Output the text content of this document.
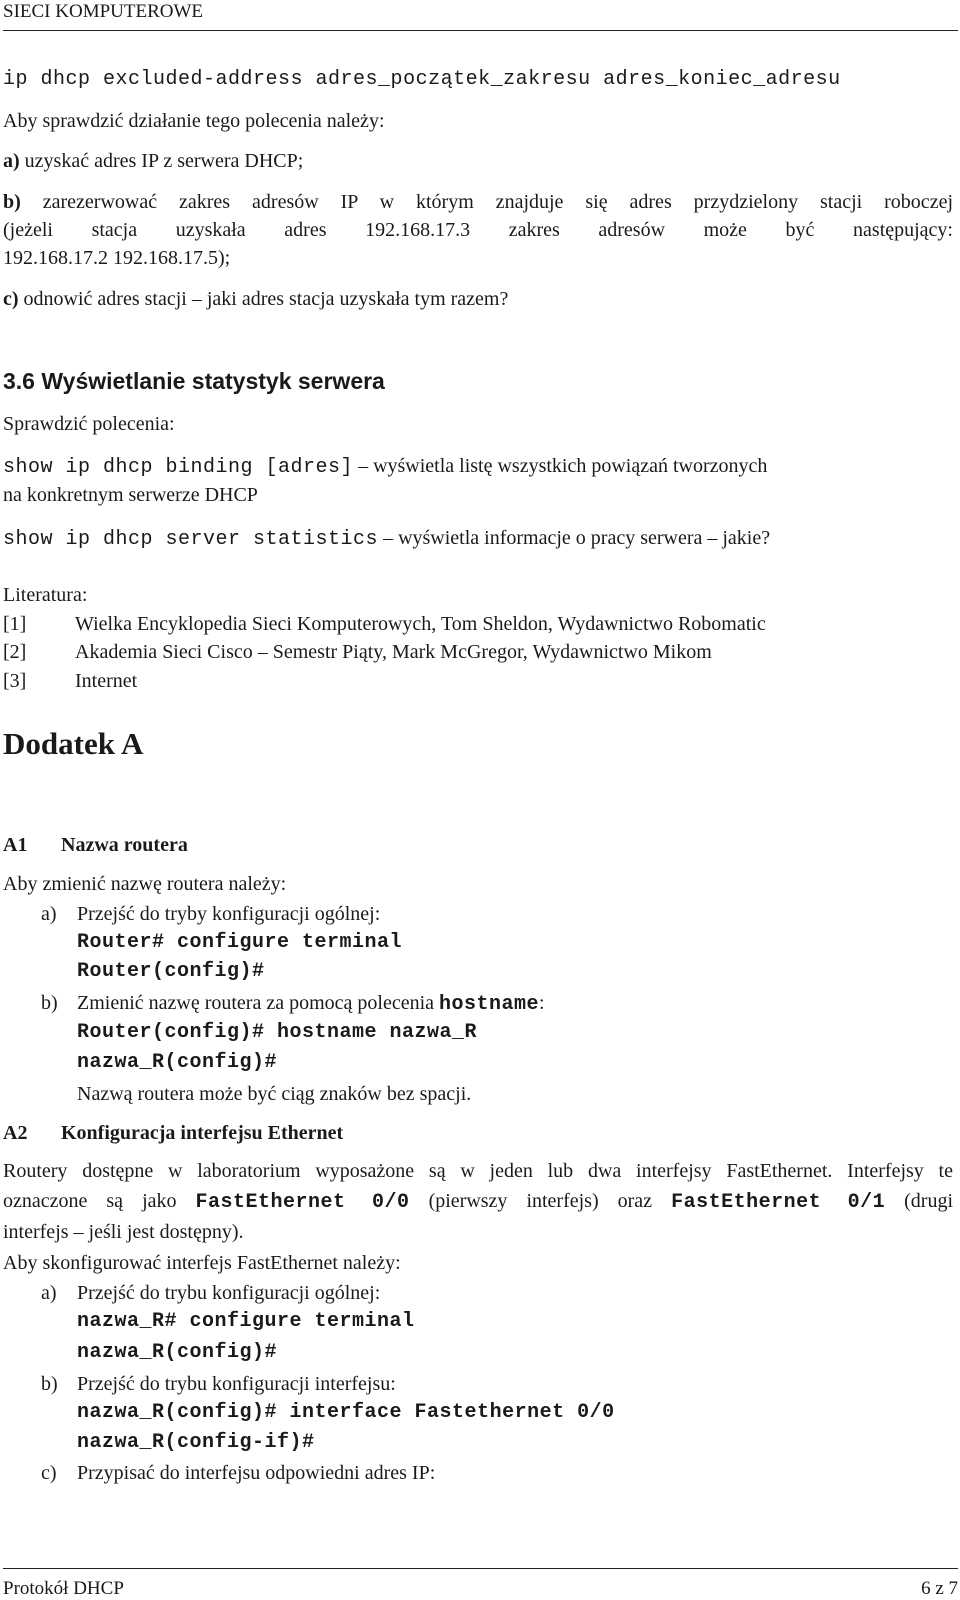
SIECI KOMPUTEROWE
ip dhcp excluded-address adres_początek_zakresu adres_koniec_adresu
Aby sprawdzić działanie tego polecenia należy:
a) uzyskać adres IP z serwera DHCP;
b) zarezerwować zakres adresów IP w którym znajduje się adres przydzielony stacji roboczej
(jeżeli stacja uzyskała adres 192.168.17.3 zakres adresów może być następujący:
192.168.17.2 192.168.17.5);
c) odnowić adres stacji – jaki adres stacja uzyskała tym razem?
3.6 Wyświetlanie statystyk serwera
Sprawdzić polecenia:
show ip dhcp binding [adres] – wyświetla listę wszystkich powiązań tworzonych
na konkretnym serwerze DHCP
show ip dhcp server statistics – wyświetla informacje o pracy serwera – jakie?
Literatura:
[1] Wielka Encyklopedia Sieci Komputerowych, Tom Sheldon, Wydawnictwo Robomatic
[2] Akademia Sieci Cisco – Semestr Piąty, Mark McGregor, Wydawnictwo Mikom
[3] Internet
Dodatek A
A1 Nazwa routera
Aby zmienić nazwę routera należy:
a) Przejść do tryby konfiguracji ogólnej:
Router# configure terminal
Router(config)#
b) Zmienić nazwę routera za pomocą polecenia hostname:
Router(config)# hostname nazwa_R
nazwa_R(config)#
Nazwą routera może być ciąg znaków bez spacji.
A2 Konfiguracja interfejsu Ethernet
Routery dostępne w laboratorium wyposażone są w jeden lub dwa interfejsy FastEthernet. Interfejsy te
oznaczone są jako FastEthernet 0/0 (pierwszy interfejs) oraz FastEthernet 0/1 (drugi
interfejs – jeśli jest dostępny).
Aby skonfigurować interfejs FastEthernet należy:
a) Przejść do trybu konfiguracji ogólnej:
nazwa_R# configure terminal
nazwa_R(config)#
b) Przejść do trybu konfiguracji interfejsu:
nazwa_R(config)# interface Fastethernet 0/0
nazwa_R(config-if)#
c) Przypisać do interfejsu odpowiedni adres IP:
Protokół DHCP	6 z 7
